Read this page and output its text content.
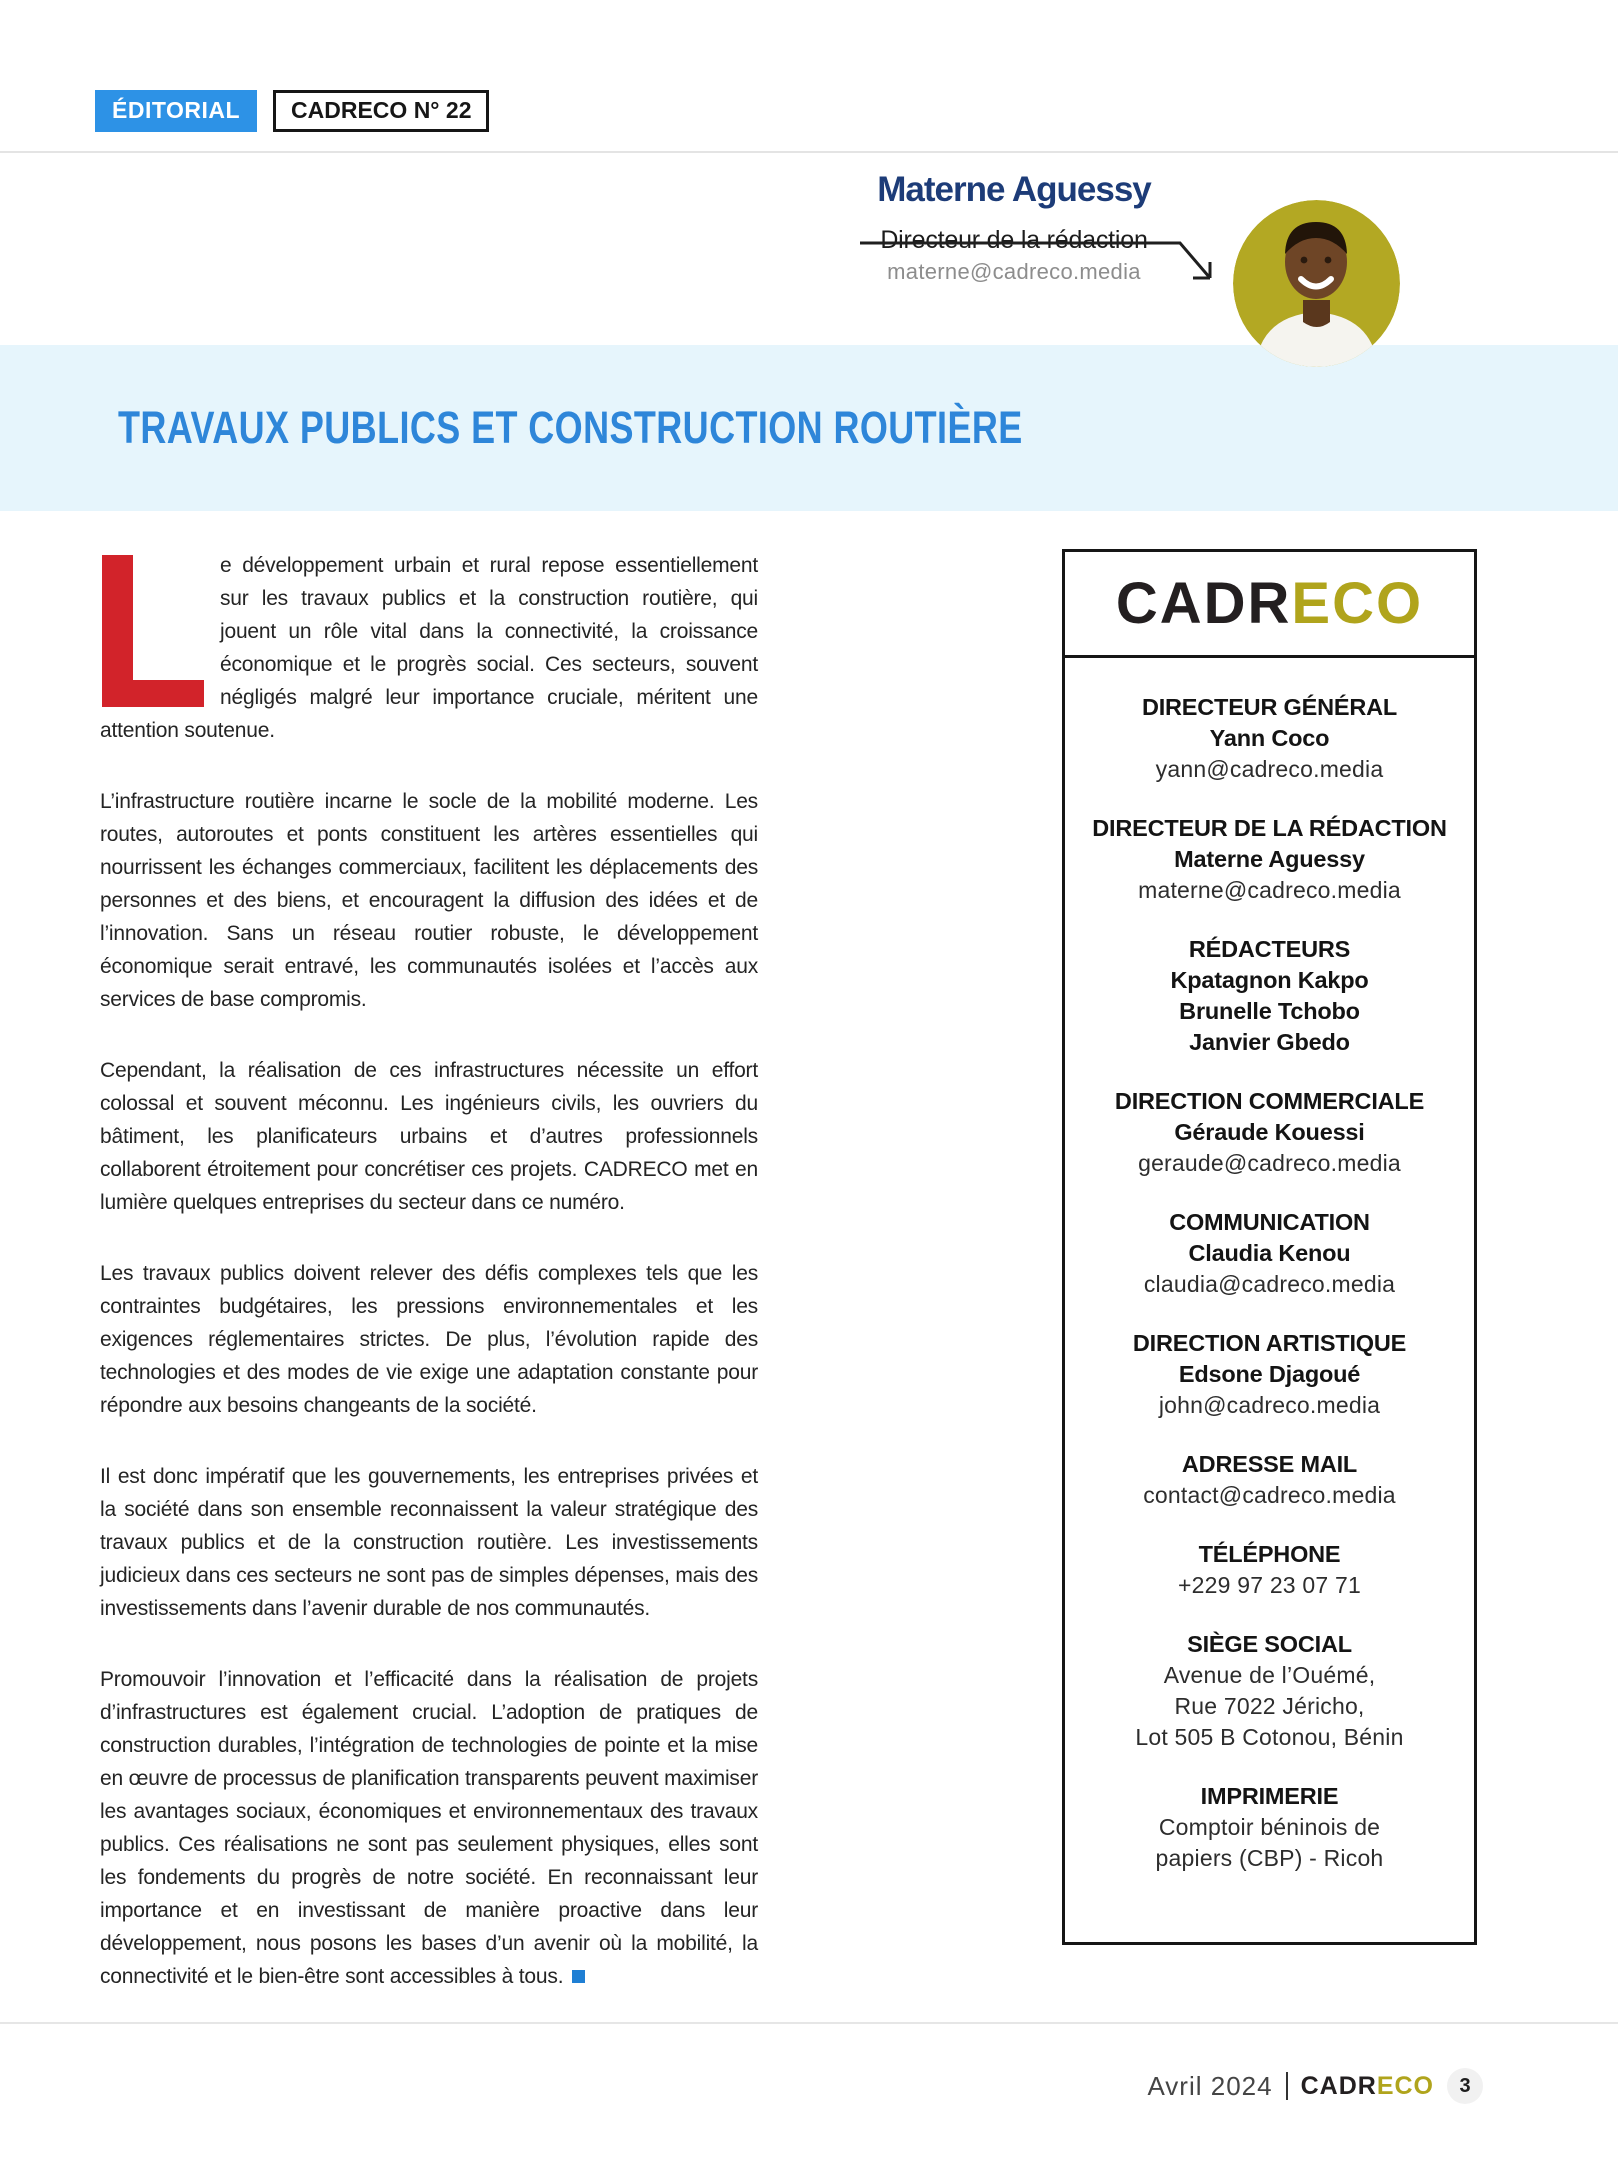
ÉDITORIAL CADRECO N° 22
Materne Aguessy
Directeur de la rédaction
materne@cadreco.media
TRAVAUX PUBLICS ET CONSTRUCTION ROUTIÈRE

e développement urbain et rural repose essentiellement sur les travaux publics et la construction routière, qui jouent un rôle vital dans la connectivité, la croissance économique et le progrès social. Ces secteurs, souvent négligés malgré leur importance cruciale, méritent une attention soutenue.

L’infrastructure routière incarne le socle de la mobilité moderne. Les routes, autoroutes et ponts constituent les artères essentielles qui nourrissent les échanges commerciaux, facilitent les déplacements des personnes et des biens, et encouragent la diffusion des idées et de l’innovation. Sans un réseau routier robuste, le développement économique serait entravé, les communautés isolées et l’accès aux services de base compromis.

Cependant, la réalisation de ces infrastructures nécessite un effort colossal et souvent méconnu. Les ingénieurs civils, les ouvriers du bâtiment, les planificateurs urbains et d’autres professionnels collaborent étroitement pour concrétiser ces projets. CADRECO met en lumière quelques entreprises du secteur dans ce numéro.

Les travaux publics doivent relever des défis complexes tels que les contraintes budgétaires, les pressions environnementales et les exigences réglementaires strictes. De plus, l’évolution rapide des technologies et des modes de vie exige une adaptation constante pour répondre aux besoins changeants de la société.

Il est donc impératif que les gouvernements, les entreprises privées et la société dans son ensemble reconnaissent la valeur stratégique des travaux publics et de la construction routière. Les investissements judicieux dans ces secteurs ne sont pas de simples dépenses, mais des investissements dans l’avenir durable de nos communautés.

Promouvoir l’innovation et l’efficacité dans la réalisation de projets d’infrastructures est également crucial. L’adoption de pratiques de construction durables, l’intégration de technologies de pointe et la mise en œuvre de processus de planification transparents peuvent maximiser les avantages sociaux, économiques et environnementaux des travaux publics. Ces réalisations ne sont pas seulement physiques, elles sont les fondements du progrès de notre société. En reconnaissant leur importance et en investissant de manière proactive dans leur développement, nous posons les bases d’un avenir où la mobilité, la connectivité et le bien-être sont accessibles à tous.

CADR ECO
DIRECTEUR GÉNÉRAL
Yann Coco
yann@cadreco.media
DIRECTEUR DE LA RÉDACTION
Materne Aguessy
materne@cadreco.media
RÉDACTEURS
Kpatagnon Kakpo
Brunelle Tchobo
Janvier Gbedo
DIRECTION COMMERCIALE
Géraude Kouessi
geraude@cadreco.media
COMMUNICATION
Claudia Kenou
claudia@cadreco.media
DIRECTION ARTISTIQUE
Edsone Djagoué
john@cadreco.media
ADRESSE MAIL
contact@cadreco.media
TÉLÉPHONE
+229 97 23 07 71
SIÈGE SOCIAL
Avenue de l’Ouémé,
Rue 7022 Jéricho,
Lot 505 B Cotonou, Bénin
IMPRIMERIE
Comptoir béninois de
papiers (CBP) - Ricoh
Avril 2024 CADRECO 3
